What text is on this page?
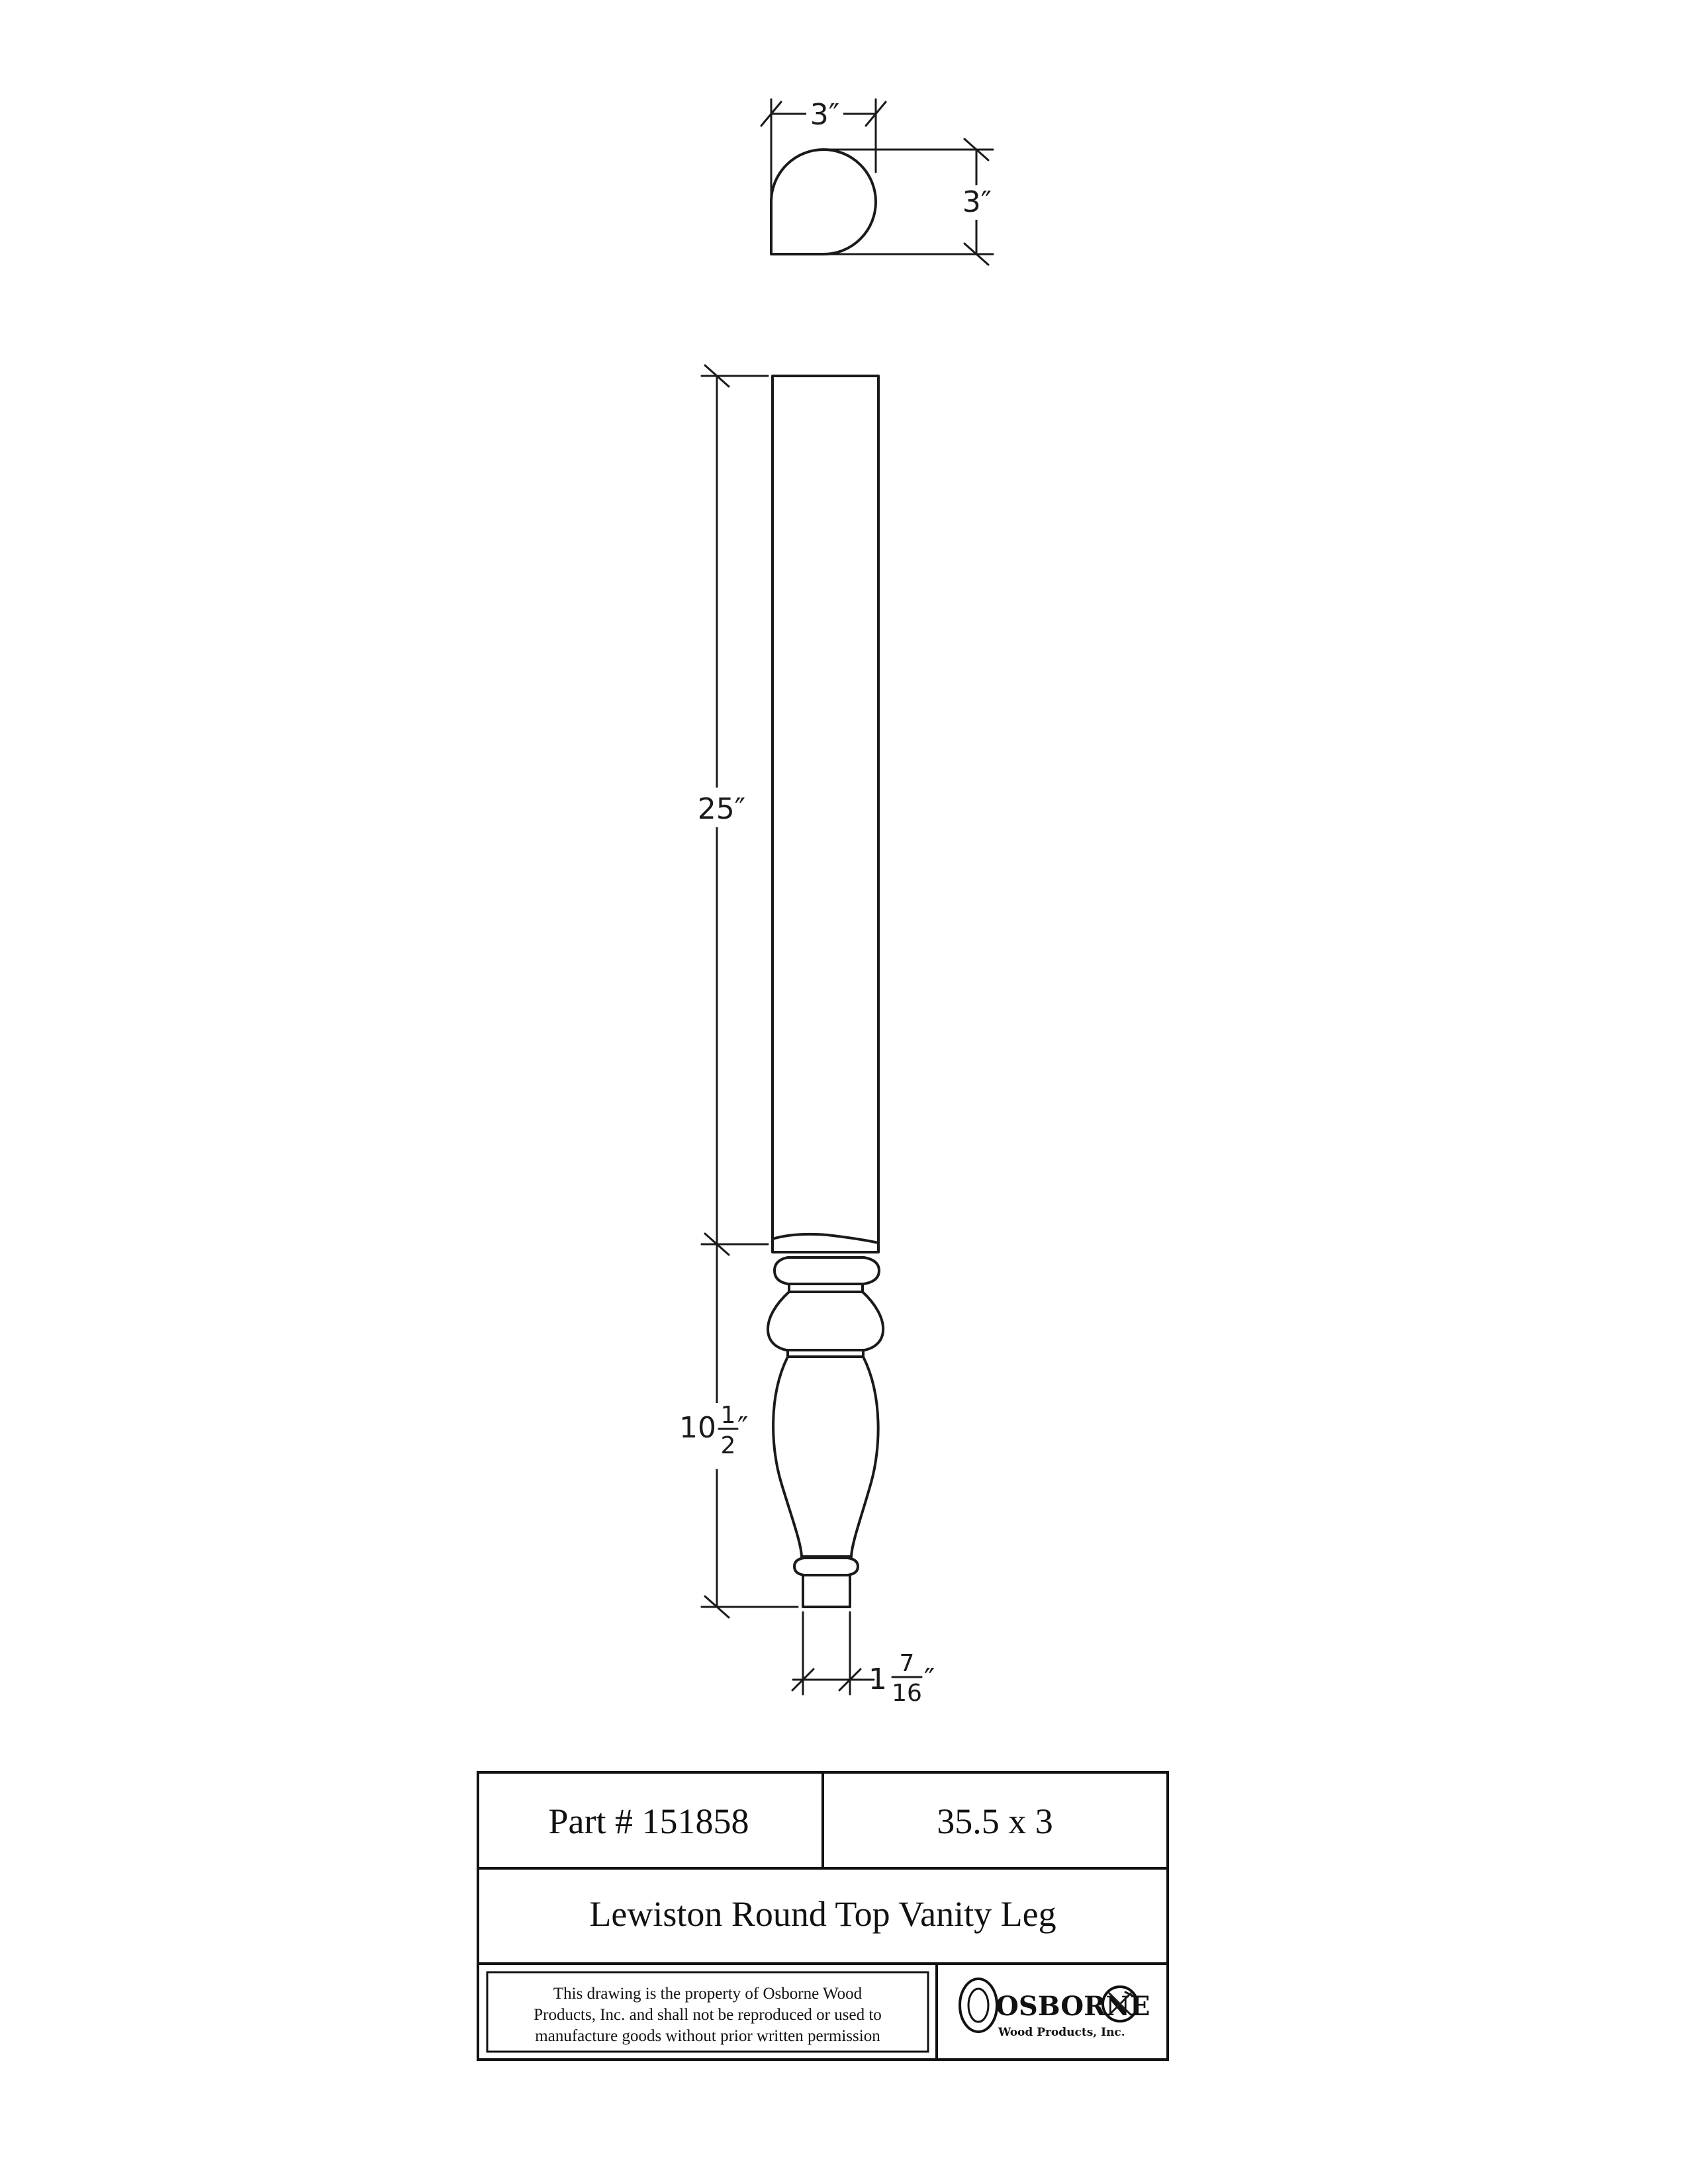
3″
3″
25″
10 1
2
″
1 7
16 ″
Part # 151858	35.5 x 3
Lewiston Round Top Vanity Leg
This drawing is the property of Osborne Wood
Products, Inc. and shall not be reproduced or used to
manufacture goods without prior written permission
OSBORNE
Wood Products, Inc.
